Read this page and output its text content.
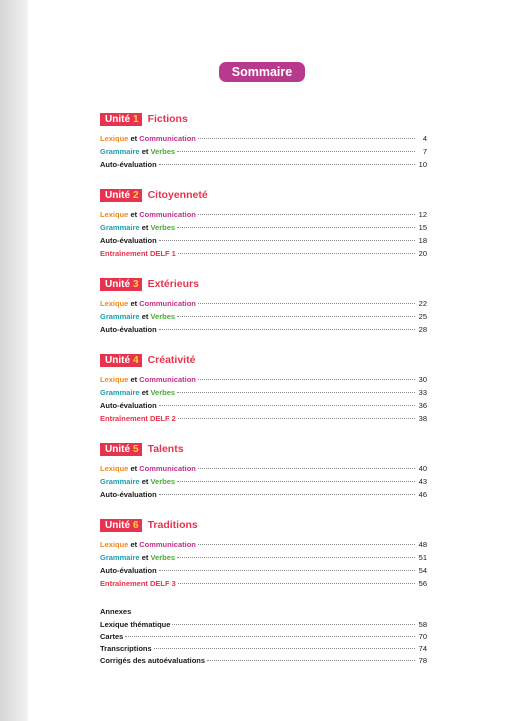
Sommaire
Unité 1 Fictions
Lexique et Communication	4
Grammaire et Verbes	7
Auto-évaluation	10
Unité 2 Citoyenneté
Lexique et Communication	12
Grammaire et Verbes	15
Auto-évaluation	18
Entraînement DELF 1	20
Unité 3 Extérieurs
Lexique et Communication	22
Grammaire et Verbes	25
Auto-évaluation	28
Unité 4 Créativité
Lexique et Communication	30
Grammaire et Verbes	33
Auto-évaluation	36
Entraînement DELF 2	38
Unité 5 Talents
Lexique et Communication	40
Grammaire et Verbes	43
Auto-évaluation	46
Unité 6 Traditions
Lexique et Communication	48
Grammaire et Verbes	51
Auto-évaluation	54
Entraînement DELF 3	56
Annexes
Lexique thématique	58
Cartes	70
Transcriptions	74
Corrigés des autoévaluations	78
